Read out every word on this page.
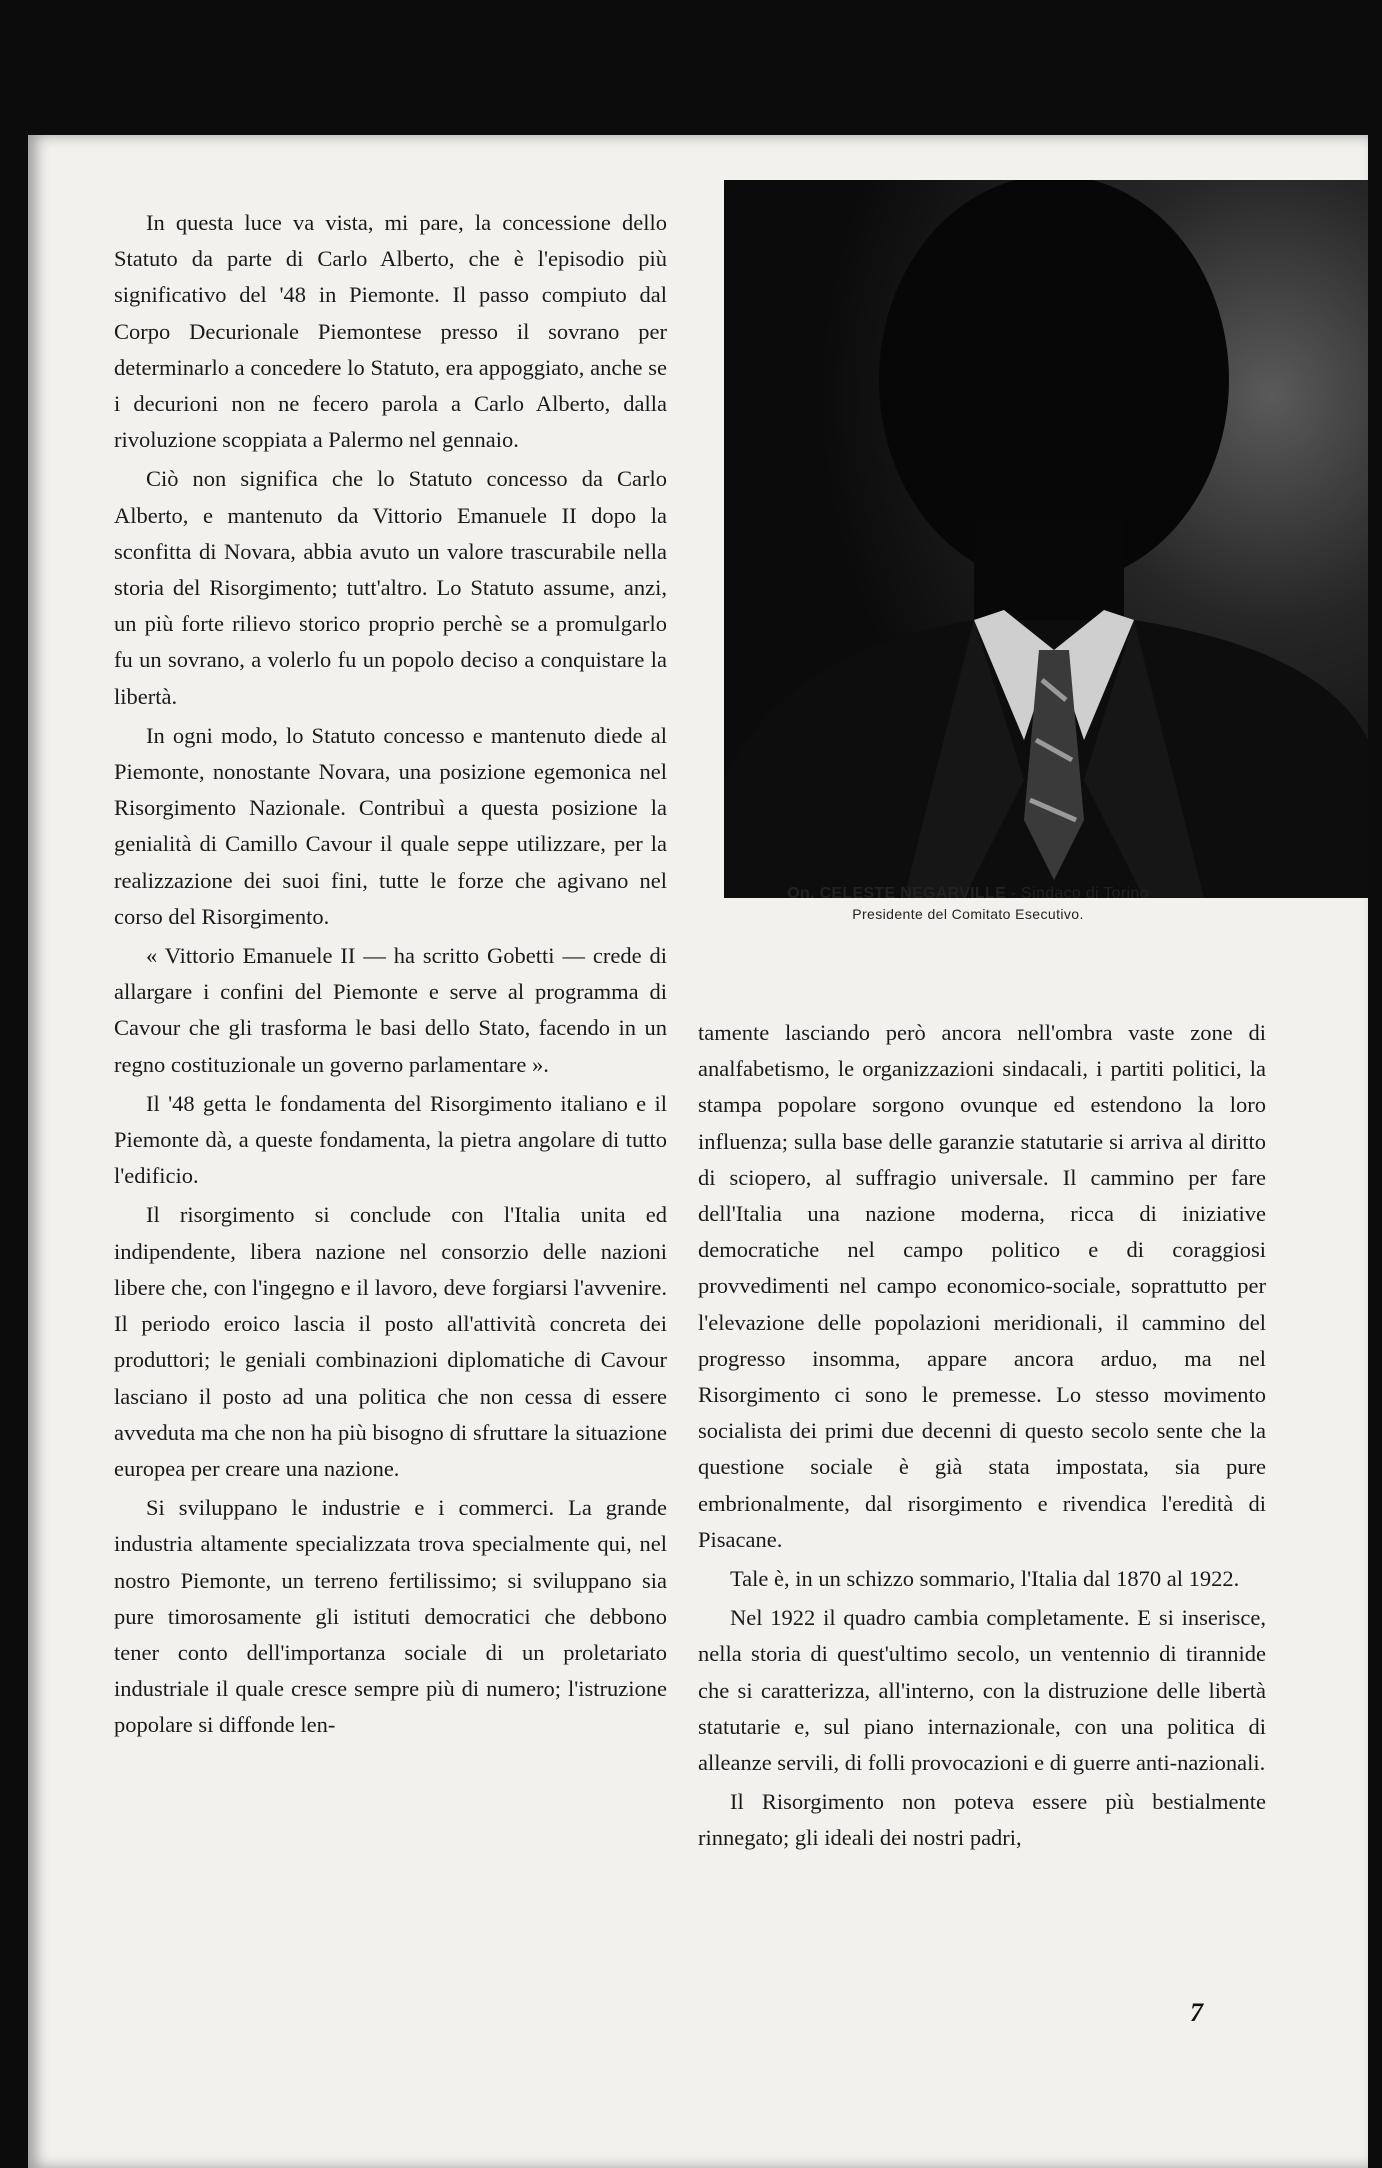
On. CELESTE NEGARVILLE - Sindaco di Torino
Presidente del Comitato Esecutivo.

In questa luce va vista, mi pare, la concessione dello Statuto da parte di Carlo Alberto, che è l'episodio più significativo del '48 in Piemonte. Il passo compiuto dal Corpo Decurionale Piemontese presso il sovrano per determinarlo a concedere lo Statuto, era appoggiato, anche se i decurioni non ne fecero parola a Carlo Alberto, dalla rivoluzione scoppiata a Palermo nel gennaio.

Ciò non significa che lo Statuto concesso da Carlo Alberto, e mantenuto da Vittorio Emanuele II dopo la sconfitta di Novara, abbia avuto un valore trascurabile nella storia del Risorgimento; tutt'altro. Lo Statuto assume, anzi, un più forte rilievo storico proprio perchè se a promulgarlo fu un sovrano, a volerlo fu un popolo deciso a conquistare la libertà.

In ogni modo, lo Statuto concesso e mantenuto diede al Piemonte, nonostante Novara, una posizione egemonica nel Risorgimento Nazionale. Contribuì a questa posizione la genialità di Camillo Cavour il quale seppe utilizzare, per la realizzazione dei suoi fini, tutte le forze che agivano nel corso del Risorgimento.

« Vittorio Emanuele II — ha scritto Gobetti — crede di allargare i confini del Piemonte e serve al programma di Cavour che gli trasforma le basi dello Stato, facendo in un regno costituzionale un governo parlamentare ».

Il '48 getta le fondamenta del Risorgimento italiano e il Piemonte dà, a queste fondamenta, la pietra angolare di tutto l'edificio.

Il risorgimento si conclude con l'Italia unita ed indipendente, libera nazione nel consorzio delle nazioni libere che, con l'ingegno e il lavoro, deve forgiarsi l'avvenire. Il periodo eroico lascia il posto all'attività concreta dei produttori; le geniali combinazioni diplomatiche di Cavour lasciano il posto ad una politica che non cessa di essere avveduta ma che non ha più bisogno di sfruttare la situazione europea per creare una nazione.

Si sviluppano le industrie e i commerci. La grande industria altamente specializzata trova specialmente qui, nel nostro Piemonte, un terreno fertilissimo; si sviluppano sia pure timorosamente gli istituti democratici che debbono tener conto dell'importanza sociale di un proletariato industriale il quale cresce sempre più di numero; l'istruzione popolare si diffonde len-

tamente lasciando però ancora nell'ombra vaste zone di analfabetismo, le organizzazioni sindacali, i partiti politici, la stampa popolare sorgono ovunque ed estendono la loro influenza; sulla base delle garanzie statutarie si arriva al diritto di sciopero, al suffragio universale. Il cammino per fare dell'Italia una nazione moderna, ricca di iniziative democratiche nel campo politico e di coraggiosi provvedimenti nel campo economico-sociale, soprattutto per l'elevazione delle popolazioni meridionali, il cammino del progresso insomma, appare ancora arduo, ma nel Risorgimento ci sono le premesse. Lo stesso movimento socialista dei primi due decenni di questo secolo sente che la questione sociale è già stata impostata, sia pure embrionalmente, dal risorgimento e rivendica l'eredità di Pisacane.

Tale è, in un schizzo sommario, l'Italia dal 1870 al 1922.

Nel 1922 il quadro cambia completamente. E si inserisce, nella storia di quest'ultimo secolo, un ventennio di tirannide che si caratterizza, all'interno, con la distruzione delle libertà statutarie e, sul piano internazionale, con una politica di alleanze servili, di folli provocazioni e di guerre anti-nazionali.

Il Risorgimento non poteva essere più bestialmente rinnegato; gli ideali dei nostri padri,

7
